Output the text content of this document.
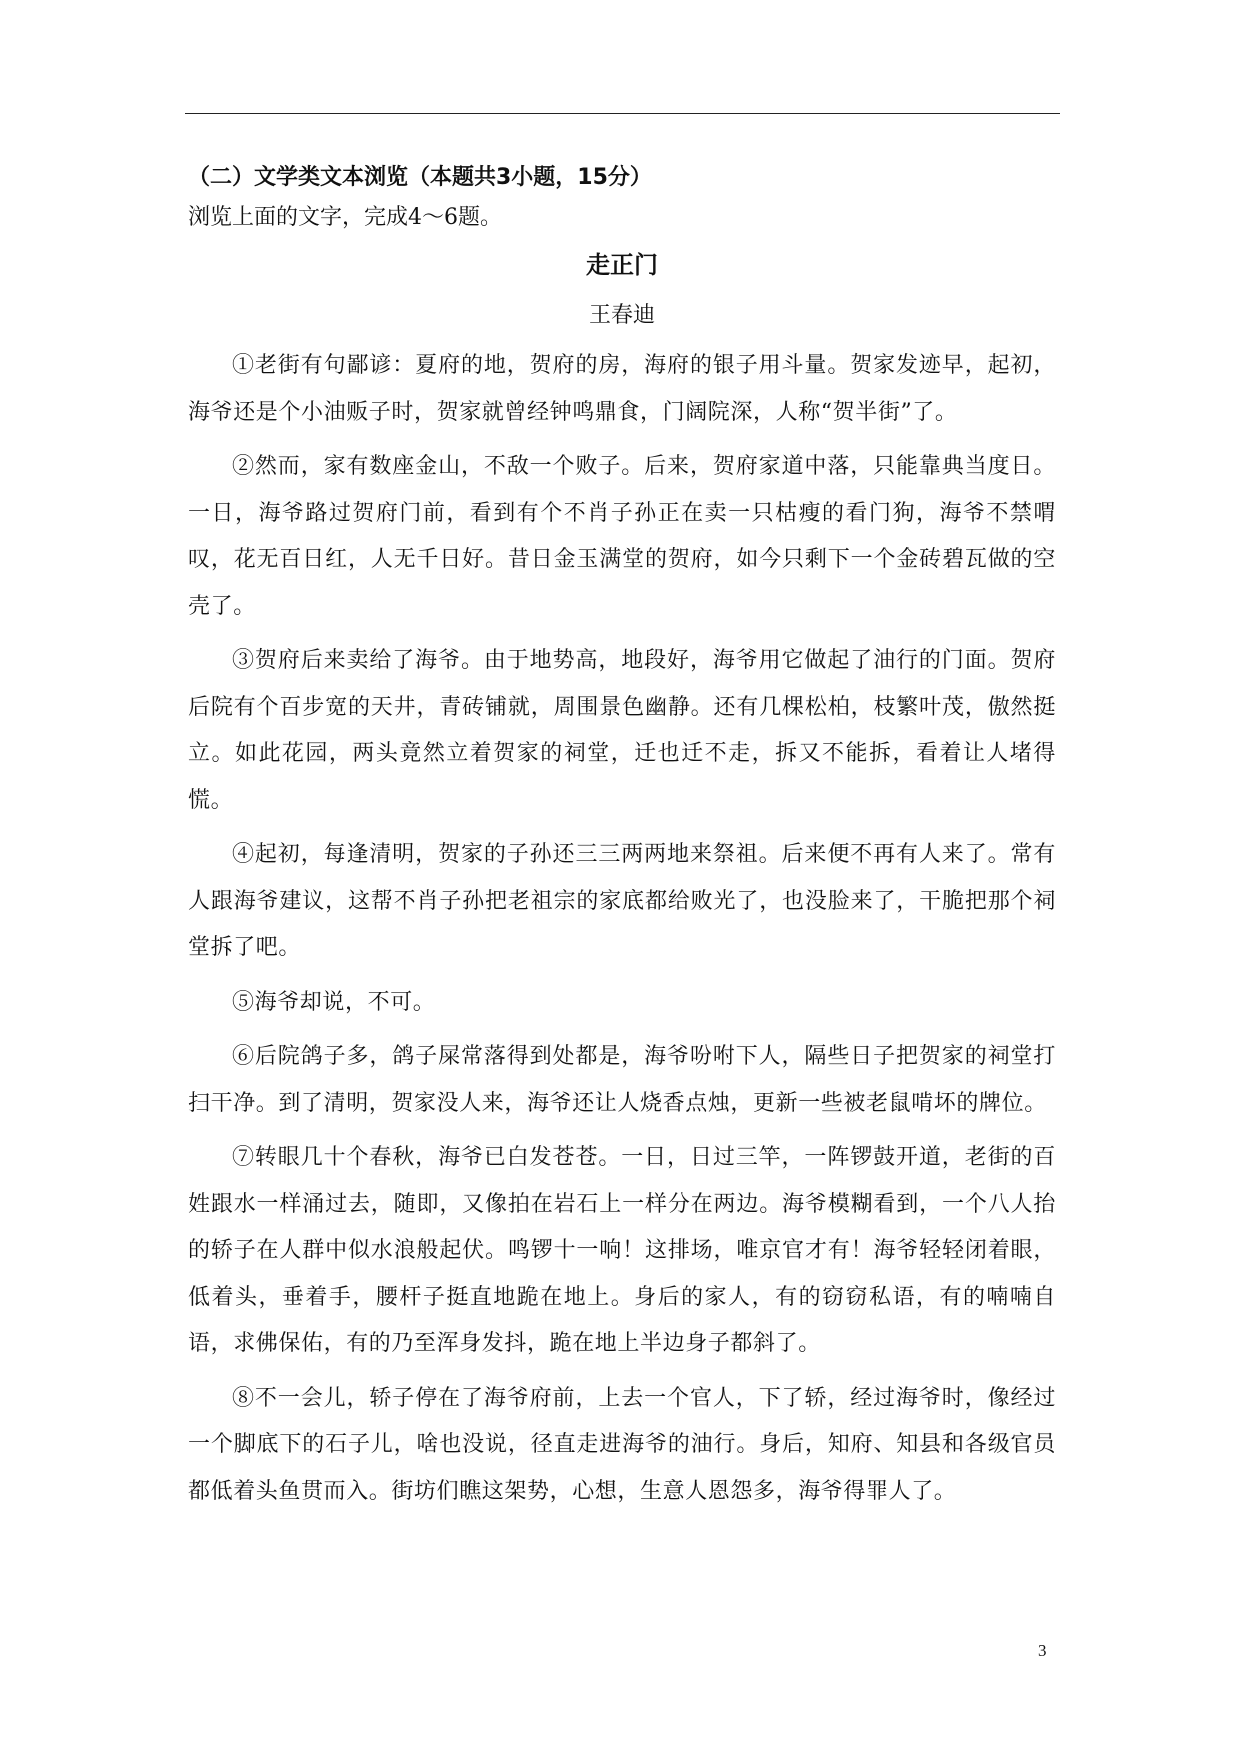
（二）文学类文本浏览（本题共3小题，15分）

浏览上面的文字，完成4～6题。

走正门

王春迪

①老街有句鄙谚：夏府的地，贺府的房，海府的银子用斗量。贺家发迹早，起初，海爷还是个小油贩子时，贺家就曾经钟鸣鼎食，门阔院深，人称“贺半街”了。

②然而，家有数座金山，不敌一个败子。后来，贺府家道中落，只能靠典当度日。一日，海爷路过贺府门前，看到有个不肖子孙正在卖一只枯瘦的看门狗，海爷不禁喟叹，花无百日红，人无千日好。昔日金玉满堂的贺府，如今只剩下一个金砖碧瓦做的空壳了。

③贺府后来卖给了海爷。由于地势高，地段好，海爷用它做起了油行的门面。贺府后院有个百步宽的天井，青砖铺就，周围景色幽静。还有几棵松柏，枝繁叶茂，傲然挺立。如此花园，两头竟然立着贺家的祠堂，迁也迁不走，拆又不能拆，看着让人堵得慌。

④起初，每逢清明，贺家的子孙还三三两两地来祭祖。后来便不再有人来了。常有人跟海爷建议，这帮不肖子孙把老祖宗的家底都给败光了，也没脸来了，干脆把那个祠堂拆了吧。

⑤海爷却说，不可。

⑥后院鸽子多，鸽子屎常落得到处都是，海爷吩咐下人，隔些日子把贺家的祠堂打扫干净。到了清明，贺家没人来，海爷还让人烧香点烛，更新一些被老鼠啃坏的牌位。

⑦转眼几十个春秋，海爷已白发苍苍。一日，日过三竿，一阵锣鼓开道，老街的百姓跟水一样涌过去，随即，又像拍在岩石上一样分在两边。海爷模糊看到，一个八人抬的轿子在人群中似水浪般起伏。鸣锣十一响！这排场，唯京官才有！海爷轻轻闭着眼，低着头，垂着手，腰杆子挺直地跪在地上。身后的家人，有的窃窃私语，有的喃喃自语，求佛保佑，有的乃至浑身发抖，跪在地上半边身子都斜了。

⑧不一会儿，轿子停在了海爷府前，上去一个官人，下了轿，经过海爷时，像经过一个脚底下的石子儿，啥也没说，径直走进海爷的油行。身后，知府、知县和各级官员都低着头鱼贯而入。街坊们瞧这架势，心想，生意人恩怨多，海爷得罪人了。

3
